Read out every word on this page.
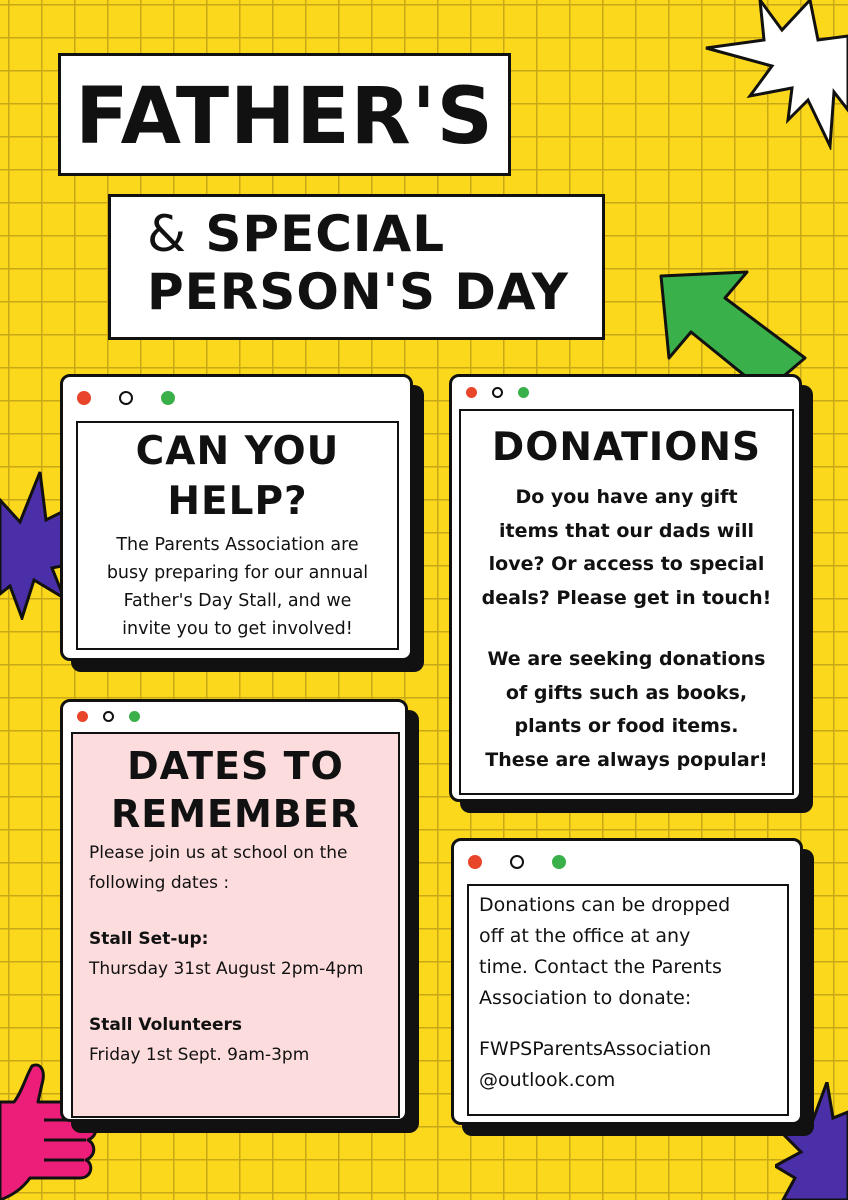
FATHER'S
& SPECIAL
PERSON'S DAY
CAN YOU
HELP?
The Parents Association are
busy preparing for our annual
Father's Day Stall, and we
invite you to get involved!
DONATIONS
Do you have any gift
items that our dads will
love? Or access to special
deals? Please get in touch!
We are seeking donations
of gifts such as books,
plants or food items.
These are always popular!
DATES TO
REMEMBER
Please join us at school on the
following dates :
Stall Set-up:
Thursday 31st August 2pm-4pm
Stall Volunteers
Friday 1st Sept. 9am-3pm
Donations can be dropped
off at the office at any
time. Contact the Parents
Association to donate:
FWPSParentsAssociation
@outlook.com
